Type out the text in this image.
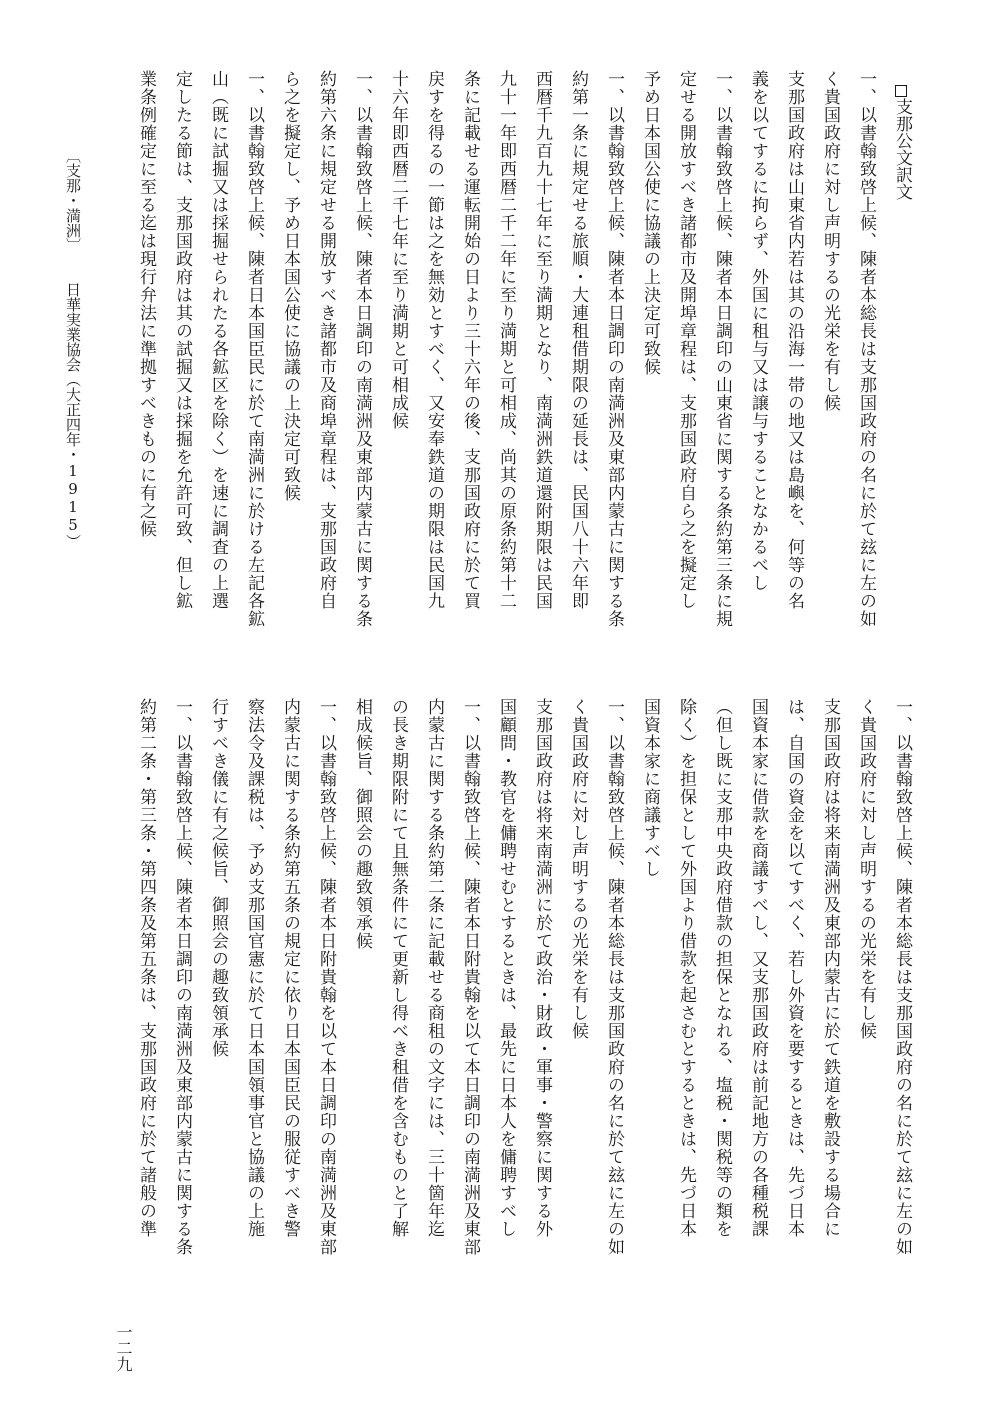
支那公文訳文
一、以書翰致啓上候、陳者本総長は支那国政府の名に於て玆に左の如
く貴国政府に対し声明するの光栄を有し候
支那国政府は山東省内若は其の沿海一帯の地又は島嶼を、何等の名
義を以てするに拘らず、外国に租与又は譲与することなかるべし
一、以書翰致啓上候、陳者本日調印の山東省に関する条約第三条に規
定せる開放すべき諸都市及開埠章程は、支那国政府自ら之を擬定し
予め日本国公使に協議の上決定可致候
一、以書翰致啓上候、陳者本日調印の南満洲及東部内蒙古に関する条
約第一条に規定せる旅順・大連租借期限の延長は、民国八十六年即
西暦千九百九十七年に至り満期となり、南満洲鉄道還附期限は民国
九十一年即西暦二千二年に至り満期と可相成、尚其の原条約第十二
条に記載せる運転開始の日より三十六年の後、支那国政府に於て買
戻すを得るの一節は之を無効とすべく、又安奉鉄道の期限は民国九
十六年即西暦二千七年に至り満期と可相成候
一、以書翰致啓上候、陳者本日調印の南満洲及東部内蒙古に関する条
約第六条に規定せる開放すべき諸都市及商埠章程は、支那国政府自
ら之を擬定し、予め日本国公使に協議の上決定可致候
一、以書翰致啓上候、陳者日本国臣民に於て南満洲に於ける左記各鉱
山（既に試掘又は採掘せられたる各鉱区を除く）を速に調査の上選
定したる節は、支那国政府は其の試掘又は採掘を允許可致、但し鉱
業条例確定に至る迄は現行弁法に準拠すべきものに有之候
一、以書翰致啓上候、陳者本総長は支那国政府の名に於て玆に左の如
く貴国政府に対し声明するの光栄を有し候
支那国政府は将来南満洲及東部内蒙古に於て鉄道を敷設する場合に
は、自国の資金を以てすべく、若し外資を要するときは、先づ日本
国資本家に借款を商議すべし、又支那国政府は前記地方の各種税課
（但し既に支那中央政府借款の担保となれる、塩税・関税等の類を
除く）を担保として外国より借款を起さむとするときは、先づ日本
国資本家に商議すべし
一、以書翰致啓上候、陳者本総長は支那国政府の名に於て玆に左の如
く貴国政府に対し声明するの光栄を有し候
支那国政府は将来南満洲に於て政治・財政・軍事・警察に関する外
国顧問・教官を傭聘せむとするときは、最先に日本人を傭聘すべし
一、以書翰致啓上候、陳者本日附貴翰を以て本日調印の南満洲及東部
内蒙古に関する条約第二条に記載せる商租の文字には、三十箇年迄
の長き期限附にて且無条件にて更新し得べき租借を含むものと了解
相成候旨、御照会の趣致領承候
一、以書翰致啓上候、陳者本日附貴翰を以て本日調印の南満洲及東部
内蒙古に関する条約第五条の規定に依り日本国臣民の服従すべき警
察法令及課税は、予め支那国官憲に於て日本国領事官と協議の上施
行すべき儀に有之候旨、御照会の趣致領承候
一、以書翰致啓上候、陳者本日調印の南満洲及東部内蒙古に関する条
約第二条・第三条・第四条及第五条は、支那国政府に於て諸般の準
〔支那・満洲〕
日華実業協会（大正四年・1915）
一二九
